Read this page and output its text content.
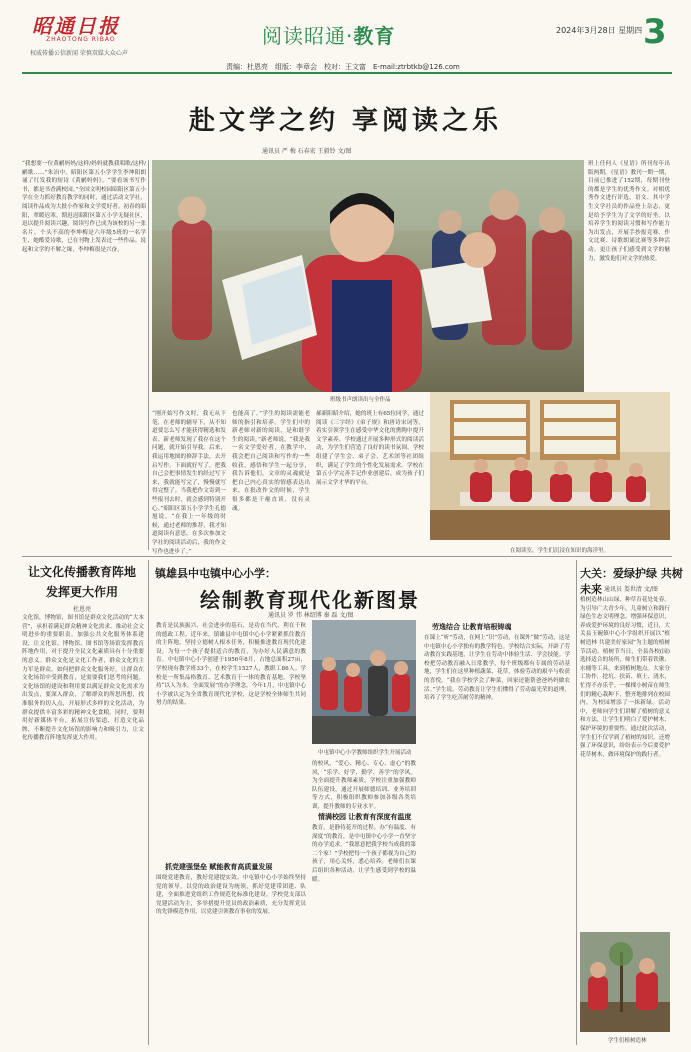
昭通日报
ZHAOTONG RIBAO
权威传播公信新闻 荣慎双媒大众心声
阅读昭通·教育	2024年3月28日 星期四 3
责编：杜恩亮　组版：李章会　校对：王文富　E-mail:ztrbtkb@126.com
赴文学之约 享阅读之乐
通讯员 严 梅 石春宏 王毅铃 文/图
在阅读室，学生们沉浸在知识的海洋里。
“我想要一位黄鹂妈妈/这样/妈妈就教我唱歌/这样/鹂歌……”朱冶中，昭阳区第五小学学生李坤阳朗诵了红发我的短诗《黄鹂妈妈》。“要看该书写作书，都是书香满校园。”全国文明校园昭阳区第五小学在全力抓好教育教学的同时，通过活动文学社，阅读作品成为大批小作家和文学爱好者。初春的昭阳，翠暖迟寒。期迟迟昭阳区第五小学无疑社区，迅以提升阅读兴趣，阅读写作已成为该校的另一张名片。个头不高的李坤梅是六年级5班的一名学生，她酷爱诗歌，已在刊物上发表过一些作品。说起和文学的不解之缘，李坤梅很是兴奋。
“刚开始写作文时，我无从下笔，在老师的辅导下，从不知道要怎么写才能获得精选和发表。新老师发现了我存在这个问题，就开始引导我。后来，我运用地图的修辞手法，去开启写作。下面就好写了，把我自己会把事情发生的经过写下来，我就能写完了，慢慢就写得完整了。当我把作文寄到一些报刊去时，就会感到特别开心。”昭阳区第五小学学生孔德旭说。“在我上一年级的时候，通过老师的推荐，我才知道阅读有意思。在多次参加文学社的阅读活动后，我的作文写作也进步了。”
也能高了。”学生的阅读需能老师的指引和培养。学生们中的新老师对新的阅读，是和谐学生的阅读。”新老师说，“我是我一名文学爱好者，在教学中，我会把自己阅读和写作的一些收获，感悟和学生一起分享，我告诉他们，文章的灵魂就是把自己内心真实的情感表达出来，在批改作文的时候，学生很多都是干瘪直谈、没有灵魂。
班级书声朗读出与全作品
郝新阳昭介绍，她的班上有65位同学，通过阅读《三字经》《弟子规》和唐诗宋词等，着实引领学生在感受中华文化的熏陶中提升文学素养。学校通过开展多种形式的阅读活动，为学生们营造了良好的读书氛围。学校组建了学生会、弟子会、艺术团等社团组织，满足了学生的个性化发展需求。学校在第五小学完善手记作业创建后，成为孩子们展示文学才华的平台。
班上任何人《星语》所刊每年出版两期，《星语》教刊一期一期，目前已推进了152期，每期刊登的都是学生的优秀作文。对相优秀作文进行评选，语文、其中学生文学社员的作品登上杂志，更是给予学生为了文学的好坐。以培养学生的阅读习惯和写作能力为出发点，开展手抄报竞赛、作文比赛、诗歌朗诵比赛等多种活动。更让孩子们感受到文学的魅力，激发他们对文学的热爱。
让文化传播教育阵地
发挥更大作用
杜恩亮
文化馆，博物馆，图书馆是群众文化活动的“大本营”，承担着满足群众精神文化需求、推动社会文明进步的重要职责。加强公共文化服务体系建设，让文化馆、博物馆、图书馆等场馆发挥教育阵地作用，对于提升全民文化素质具有十分重要的意义。群众文化是文化工作者，群众文化的主力军是群众。如何把群众文化服务好，让群众在文化场馆中受到教育，是需要我们思考的问题。文化场馆的建设和利用要以满足群众文化需求为出发点，要深入群众，了解群众的所思所想，找准服务的切入点，开展形式多样的文化活动，为群众提供丰富多彩的精神文化食粮。同时，要利用好新媒体平台，拓展宣传渠道，打造文化品牌，不断提升文化场馆的影响力和吸引力，让文化传播教育阵地发挥更大作用。
镇雄县中屯镇中心小学：
绘制教育现代化新图景
通讯员 罗 伟 林绍博 秦 磊 文/图
教育是民族振兴、社会进步的基石，是功在当代、利在千秋的德政工程。近年来，镇雄县中屯镇中心小学紧紧抓住教育的主阵地，坚持立德树人根本任务，积极推进教育现代化建设，为每一个孩子提供适合的教育，为办好人民满意的教育。中屯镇中心小学创建于1956年8月，占地总面积27亩，学校现有教学班33个，在校学生1527人，教职工86人。学校是一所集品格教育、艺术教育于一体的教育基地，学校坚持“以人为本，全面发展”的办学理念。今年1月，中屯镇中心小学被认定为全省教育现代化学校，这是学校全体师生共同努力的结果。
抓党建强堡垒 赋能教育高质量发展
围绕党建教育，教好党建提实效。中屯镇中心小学始终坚持党的领导，以党的政治建设为统领，抓好党建带团建、队建，全面推进党组织工作规范化标准化建设。学校党支部以党建活动为主，多举措提升党员的政治素质，充分发挥党员的先锋模范作用，以党建引领教育事业的发展。
中屯镇中心小学教师组织学生开展活动
的校风，“爱心、精心、专心、虚心”的教风，“乐学、好学、勤学、善学”的学风。为全面提升教师素质，学校注重加强教师队伍建设，通过开展师德培训、业务培训等方式，积极组织教师参加各级各类培训，提升教师的专业水平。
情满校园 让教育有深度有温度
教育，是静待花开的过程。办“有温度、有深度”的教育，是中屯镇中心小学一直坚守的办学追求。“我愿意把我学校当成我的第二个家！”学校把每一个孩子都视为自己的孩子，用心关怀，悉心培养。老师们在课后组织各种活动，让学生感受到学校的温暖。
劳逸结合 让教育培根铸魂
在课上“听”劳动，在网上“识”劳动，在课外“做”劳动，这是中屯镇中心小学独有的教学特色。学校结合实际，开辟了劳动教育实践基地，让学生在劳动中体验生活、学会技能。学校把劳动教育融入日常教学，每个班级都有专属的劳动基地，学生们在这里种植蔬菜、花草，体验劳动的艰辛与收获的喜悦。“我在学校学会了种菜，回家还能帮爸爸妈妈做农活。”学生说。劳动教育让学生们懂得了劳动最光荣的道理，培养了学生吃苦耐劳的精神。
大关：爱绿护绿 共树未来 通讯员 娄世清 文/图
植树造林山山绿，种草育花处处春。为引导广大青少年，儿童树立和践行绿色生态文明理念，增强环保意识，养成爱护环境的良好习惯，近日，大关县玉碗镇中心小学组织开展以“植树造林 共建美好家园”为主题的植树节活动。植树节当日，全县各校(园)选择适合的场所，师生们带着铁锹、水桶等工具，来到植树地点。大家分工协作，挖坑、扶苗、填土、浇水，忙得不亦乐乎。一棵棵小树苗在师生们的精心栽种下，整齐地排列在校园内，为校园增添了一抹新绿。活动中，老师向学生们讲解了植树的意义和方法，让学生们明白了爱护树木、保护环境的重要性。通过此次活动，学生们不仅学到了植树的知识，还增强了环保意识，纷纷表示今后要爱护花草树木，做环境保护的践行者。
学生们植树造林
